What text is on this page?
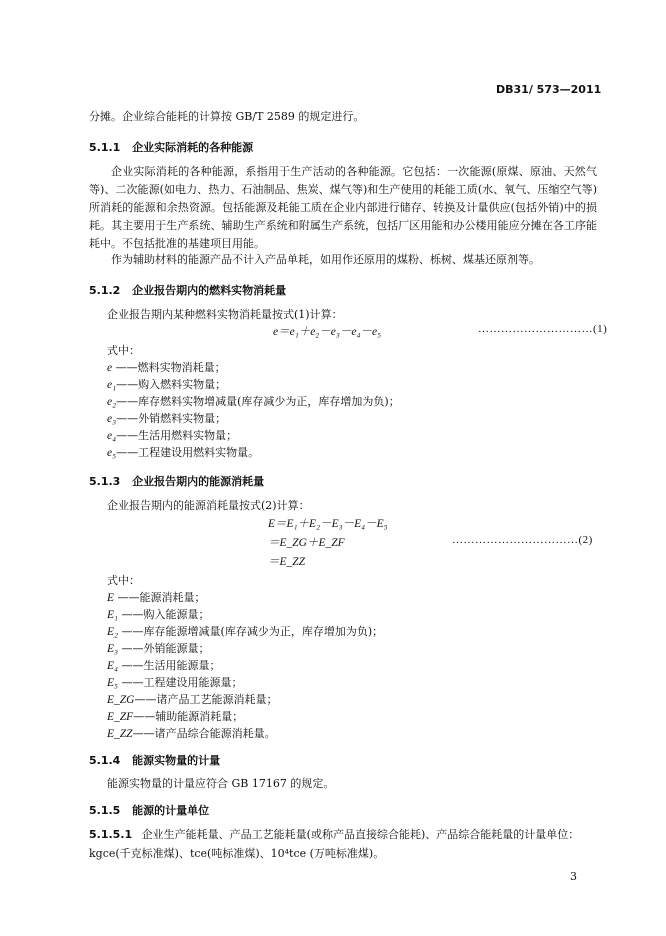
DB31/ 573—2011
分摊。企业综合能耗的计算按 GB/T 2589 的规定进行。
5.1.1 企业实际消耗的各种能源
企业实际消耗的各种能源，系指用于生产活动的各种能源。它包括：一次能源(原煤、原油、天然气等)、二次能源(如电力、热力、石油制品、焦炭、煤气等)和生产使用的耗能工质(水、氧气、压缩空气等)所消耗的能源和余热资源。包括能源及耗能工质在企业内部进行储存、转换及计量供应(包括外销)中的损耗。其主要用于生产系统、辅助生产系统和附属生产系统，包括厂区用能和办公楼用能应分摊在各工序能耗中。不包括批准的基建项目用能。
作为辅助材料的能源产品不计入产品单耗，如用作还原用的煤粉、栎树、煤基还原剂等。
5.1.2 企业报告期内的燃料实物消耗量
企业报告期内某种燃料实物消耗量按式(1)计算：
e＝e₁＋e₂－e₃－e₄－e₅	…………………………(1)
式中：
e ——燃料实物消耗量；
e₁——购入燃料实物量；
e₂——库存燃料实物增减量(库存减少为正，库存增加为负)；
e₃——外销燃料实物量；
e₄——生活用燃料实物量；
e₅——工程建设用燃料实物量。
5.1.3 企业报告期内的能源消耗量
企业报告期内的能源消耗量按式(2)计算：
E＝E₁＋E₂－E₃－E₄－E₅
＝E_ZG＋E_ZF	……………………………(2)
＝E_ZZ
式中：
E ——能源消耗量；
E₁ ——购入能源量；
E₂ ——库存能源增减量(库存减少为正，库存增加为负)；
E₃ ——外销能源量；
E₄ ——生活用能源量；
E₅ ——工程建设用能源量；
E_ZG——诸产品工艺能源消耗量；
E_ZF——辅助能源消耗量；
E_ZZ——诸产品综合能源消耗量。
5.1.4 能源实物量的计量
能源实物量的计量应符合 GB 17167 的规定。
5.1.5 能源的计量单位
5.1.5.1 企业生产能耗量、产品工艺能耗量(或称产品直接综合能耗)、产品综合能耗量的计量单位：
kgce(千克标准煤)、tce(吨标准煤)、10⁴tce (万吨标准煤)。
3
